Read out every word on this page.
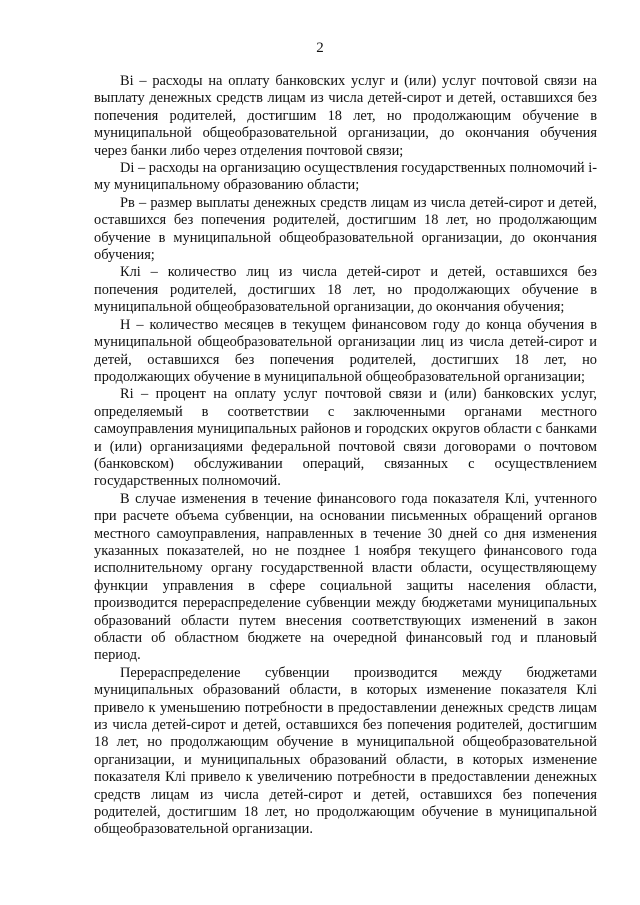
2

Bi – расходы на оплату банковских услуг и (или) услуг почтовой связи на выплату денежных средств лицам из числа детей-сирот и детей, оставшихся без попечения родителей, достигшим 18 лет, но продолжающим обучение в муниципальной общеобразовательной организации, до окончания обучения через банки либо через отделения почтовой связи;

Di – расходы на организацию осуществления государственных полномочий i-му муниципальному образованию области;

Рв – размер выплаты денежных средств лицам из числа детей-сирот и детей, оставшихся без попечения родителей, достигшим 18 лет, но продолжающим обучение в муниципальной общеобразовательной организации, до окончания обучения;

Клi – количество лиц из числа детей-сирот и детей, оставшихся без попечения родителей, достигших 18 лет, но продолжающих обучение в муниципальной общеобразовательной организации, до окончания обучения;

Н – количество месяцев в текущем финансовом году до конца обучения в муниципальной общеобразовательной организации лиц из числа детей-сирот и детей, оставшихся без попечения родителей, достигших 18 лет, но продолжающих обучение в муниципальной общеобразовательной организации;

Ri – процент на оплату услуг почтовой связи и (или) банковских услуг, определяемый в соответствии с заключенными органами местного самоуправления муниципальных районов и городских округов области с банками и (или) организациями федеральной почтовой связи договорами о почтовом (банковском) обслуживании операций, связанных с осуществлением государственных полномочий.

В случае изменения в течение финансового года показателя Клi, учтенного при расчете объема субвенции, на основании письменных обращений органов местного самоуправления, направленных в течение 30 дней со дня изменения указанных показателей, но не позднее 1 ноября текущего финансового года исполнительному органу государственной власти области, осуществляющему функции управления в сфере социальной защиты населения области, производится перераспределение субвенции между бюджетами муниципальных образований области путем внесения соответствующих изменений в закон области об областном бюджете на очередной финансовый год и плановый период.

Перераспределение субвенции производится между бюджетами муниципальных образований области, в которых изменение показателя Клi привело к уменьшению потребности в предоставлении денежных средств лицам из числа детей-сирот и детей, оставшихся без попечения родителей, достигшим 18 лет, но продолжающим обучение в муниципальной общеобразовательной организации, и муниципальных образований области, в которых изменение показателя Клi привело к увеличению потребности в предоставлении денежных средств лицам из числа детей-сирот и детей, оставшихся без попечения родителей, достигшим 18 лет, но продолжающим обучение в муниципальной общеобразовательной организации.
